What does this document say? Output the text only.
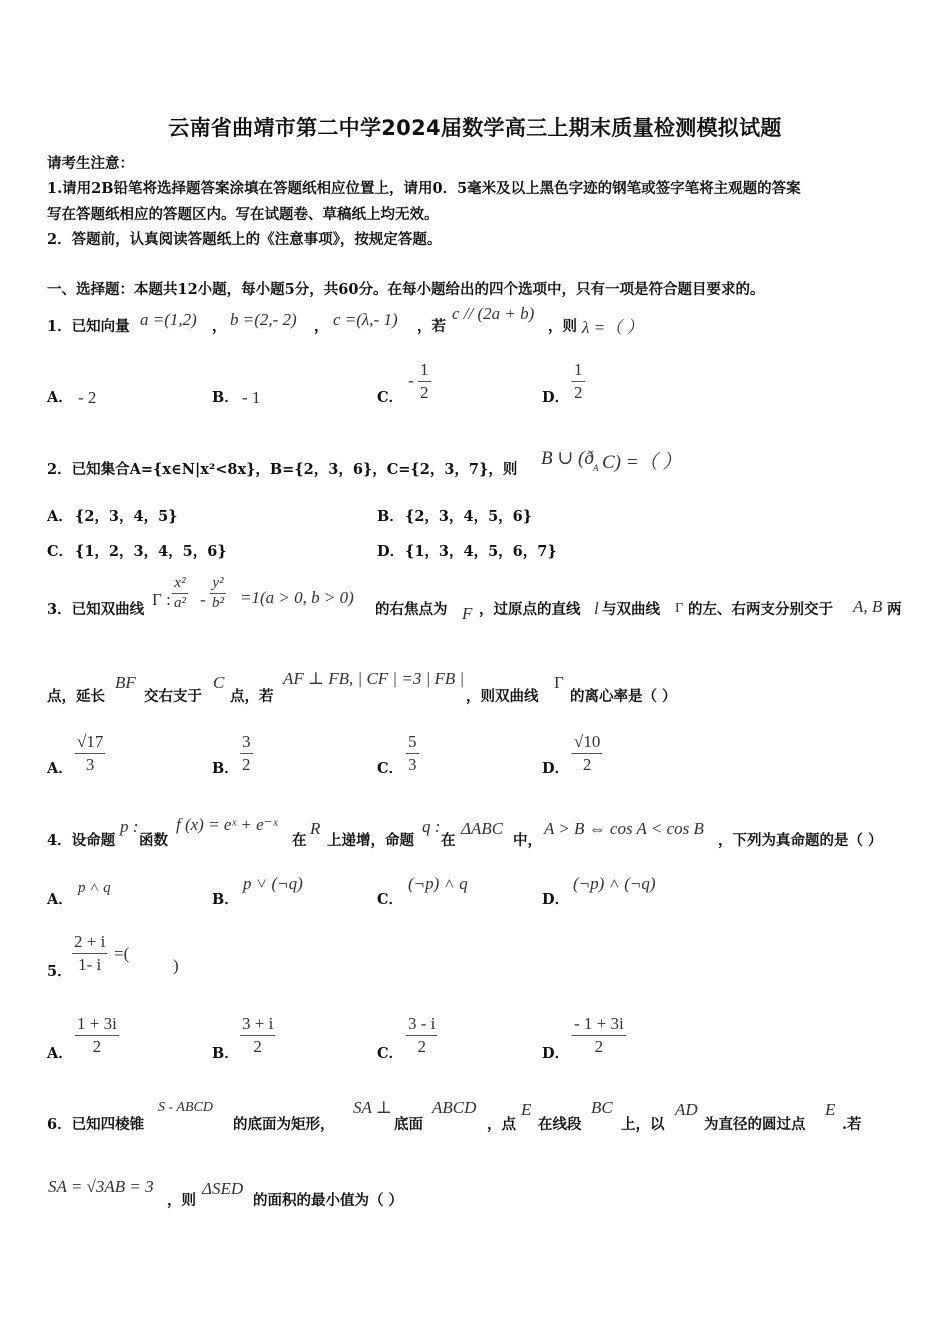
云南省曲靖市第二中学2024届数学高三上期末质量检测模拟试题
请考生注意：
1.请用2B铅笔将选择题答案涂填在答题纸相应位置上，请用0．5毫米及以上黑色字迹的钢笔或签字笔将主观题的答案
写在答题纸相应的答题区内。写在试题卷、草稿纸上均无效。
2．答题前，认真阅读答题纸上的《注意事项》，按规定答题。
一、选择题：本题共12小题，每小题5分，共60分。在每小题给出的四个选项中，只有一项是符合题目要求的。
1．已知向量 a =(1,2) ， b =(2,- 2) ， c =(λ,- 1) ，若
c // (2a + b)
，则 λ =（ ）
A． - 2	B． - 1	C．
-
1
2	D．
1
2
2．已知集合A={x∈N|x²<8x}，B={2，3，6}，C={2，3，7}，则
B ∪ (ð A C) =（ ）
A． {2，3，4，5}	B． {2，3，4，5，6}
C． {1，2，3，4，5，6}	D． {1，3，4，5，6，7}
3．已知双曲线
Γ :
x²
a² -
y²
b² =1(a > 0, b > 0)
的右焦点为 F ，过原点的直线 l 与双曲线 Γ 的左、右两支分别交于 A, B 两
点，延长
BF
交右支于
C
点，若
AF ⊥ FB, | CF | =3 | FB |
，则双曲线
Γ
的离心率是（ ）
A．
√17
3	B．
3
2	C．
5
3	D．
√10
2
4．设命题
p :
函数
f (x) = eˣ + e⁻ˣ
在
R
上递增，命题
q :
在
ΔABC
中，
A > B ⇔ cos A < cos B
，下列为真命题的是（ ）
A．
p ˄ q
B．
p ˅ (¬q)
C．
(¬p) ˄ q
D．
(¬p) ˄ (¬q)
5．
2 + i
1- i
=(
)
A．
1 + 3i
2	B．
3 + i
2	C．
3 - i
2	D．
- 1 + 3i
2
6．已知四棱锥
S - ABCD
的底面为矩形，
SA ⊥
底面
ABCD
，点
E
在线段
BC
上，以
AD
为直径的圆过点
E
.若
SA = √3AB = 3
，则
ΔSED
的面积的最小值为（ ）
